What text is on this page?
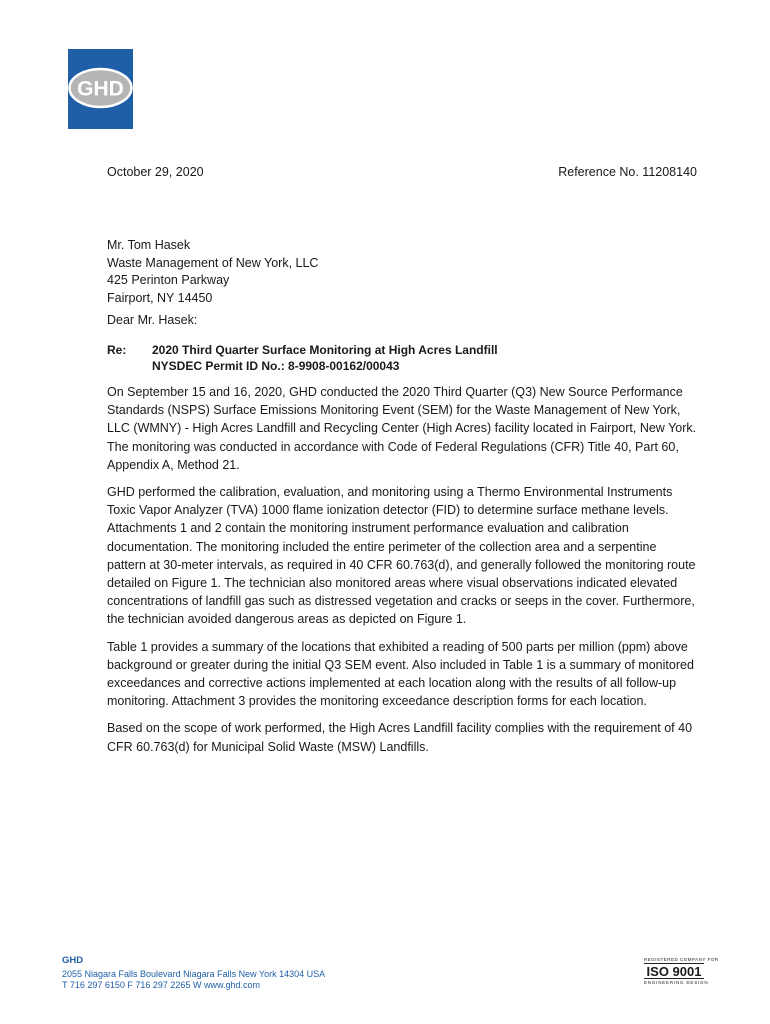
GHD
October 29, 2020	Reference No. 11208140
Mr. Tom Hasek
Waste Management of New York, LLC
425 Perinton Parkway
Fairport, NY 14450
Dear Mr. Hasek:
Re: 2020 Third Quarter Surface Monitoring at High Acres Landfill
NYSDEC Permit ID No.: 8-9908-00162/00043

On September 15 and 16, 2020, GHD conducted the 2020 Third Quarter (Q3) New Source Performance Standards (NSPS) Surface Emissions Monitoring Event (SEM) for the Waste Management of New York, LLC (WMNY) - High Acres Landfill and Recycling Center (High Acres) facility located in Fairport, New York. The monitoring was conducted in accordance with Code of Federal Regulations (CFR) Title 40, Part 60, Appendix A, Method 21.

GHD performed the calibration, evaluation, and monitoring using a Thermo Environmental Instruments Toxic Vapor Analyzer (TVA) 1000 flame ionization detector (FID) to determine surface methane levels. Attachments 1 and 2 contain the monitoring instrument performance evaluation and calibration documentation. The monitoring included the entire perimeter of the collection area and a serpentine pattern at 30-meter intervals, as required in 40 CFR 60.763(d), and generally followed the monitoring route detailed on Figure 1. The technician also monitored areas where visual observations indicated elevated concentrations of landfill gas such as distressed vegetation and cracks or seeps in the cover. Furthermore, the technician avoided dangerous areas as depicted on Figure 1.

Table 1 provides a summary of the locations that exhibited a reading of 500 parts per million (ppm) above background or greater during the initial Q3 SEM event. Also included in Table 1 is a summary of monitored exceedances and corrective actions implemented at each location along with the results of all follow-up monitoring. Attachment 3 provides the monitoring exceedance description forms for each location.

Based on the scope of work performed, the High Acres Landfill facility complies with the requirement of 40 CFR 60.763(d) for Municipal Solid Waste (MSW) Landfills.

GHD
2055 Niagara Falls Boulevard Niagara Falls New York 14304 USA
T 716 297 6150 F 716 297 2265 W www.ghd.com
REGISTERED COMPANY FOR
ISO 9001
ENGINEERING DESIGN
